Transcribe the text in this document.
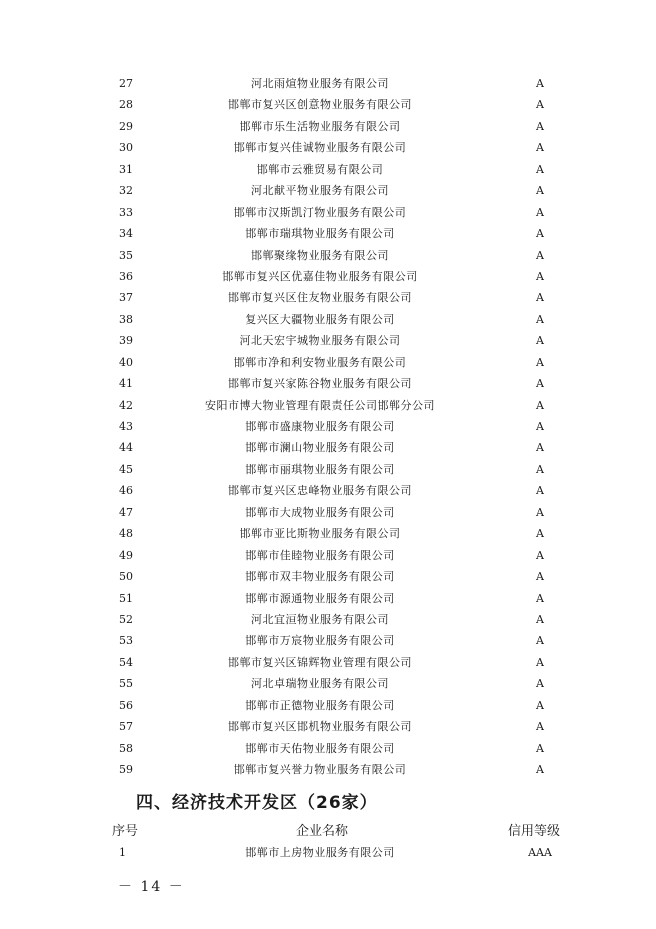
27	河北雨煊物业服务有限公司	A
28	邯郸市复兴区创意物业服务有限公司	A
29	邯郸市乐生活物业服务有限公司	A
30	邯郸市复兴佳诚物业服务有限公司	A
31	邯郸市云雅贸易有限公司	A
32	河北献平物业服务有限公司	A
33	邯郸市汉斯凯汀物业服务有限公司	A
34	邯郸市瑞琪物业服务有限公司	A
35	邯郸聚缘物业服务有限公司	A
36	邯郸市复兴区优嘉佳物业服务有限公司	A
37	邯郸市复兴区住友物业服务有限公司	A
38	复兴区大疆物业服务有限公司	A
39	河北天宏宇城物业服务有限公司	A
40	邯郸市净和利安物业服务有限公司	A
41	邯郸市复兴家陈谷物业服务有限公司	A
42	安阳市博大物业管理有限责任公司邯郸分公司	A
43	邯郸市盛康物业服务有限公司	A
44	邯郸市澜山物业服务有限公司	A
45	邯郸市丽琪物业服务有限公司	A
46	邯郸市复兴区忠峰物业服务有限公司	A
47	邯郸市大成物业服务有限公司	A
48	邯郸市亚比斯物业服务有限公司	A
49	邯郸市佳睦物业服务有限公司	A
50	邯郸市双丰物业服务有限公司	A
51	邯郸市源通物业服务有限公司	A
52	河北宜洹物业服务有限公司	A
53	邯郸市万宸物业服务有限公司	A
54	邯郸市复兴区锦辉物业管理有限公司	A
55	河北卓瑞物业服务有限公司	A
56	邯郸市正德物业服务有限公司	A
57	邯郸市复兴区邯机物业服务有限公司	A
58	邯郸市天佑物业服务有限公司	A
59	邯郸市复兴誉力物业服务有限公司	A
四、经济技术开发区（26家）
序号	企业名称	信用等级
1	邯郸市上房物业服务有限公司	AAA
－ 14 －
